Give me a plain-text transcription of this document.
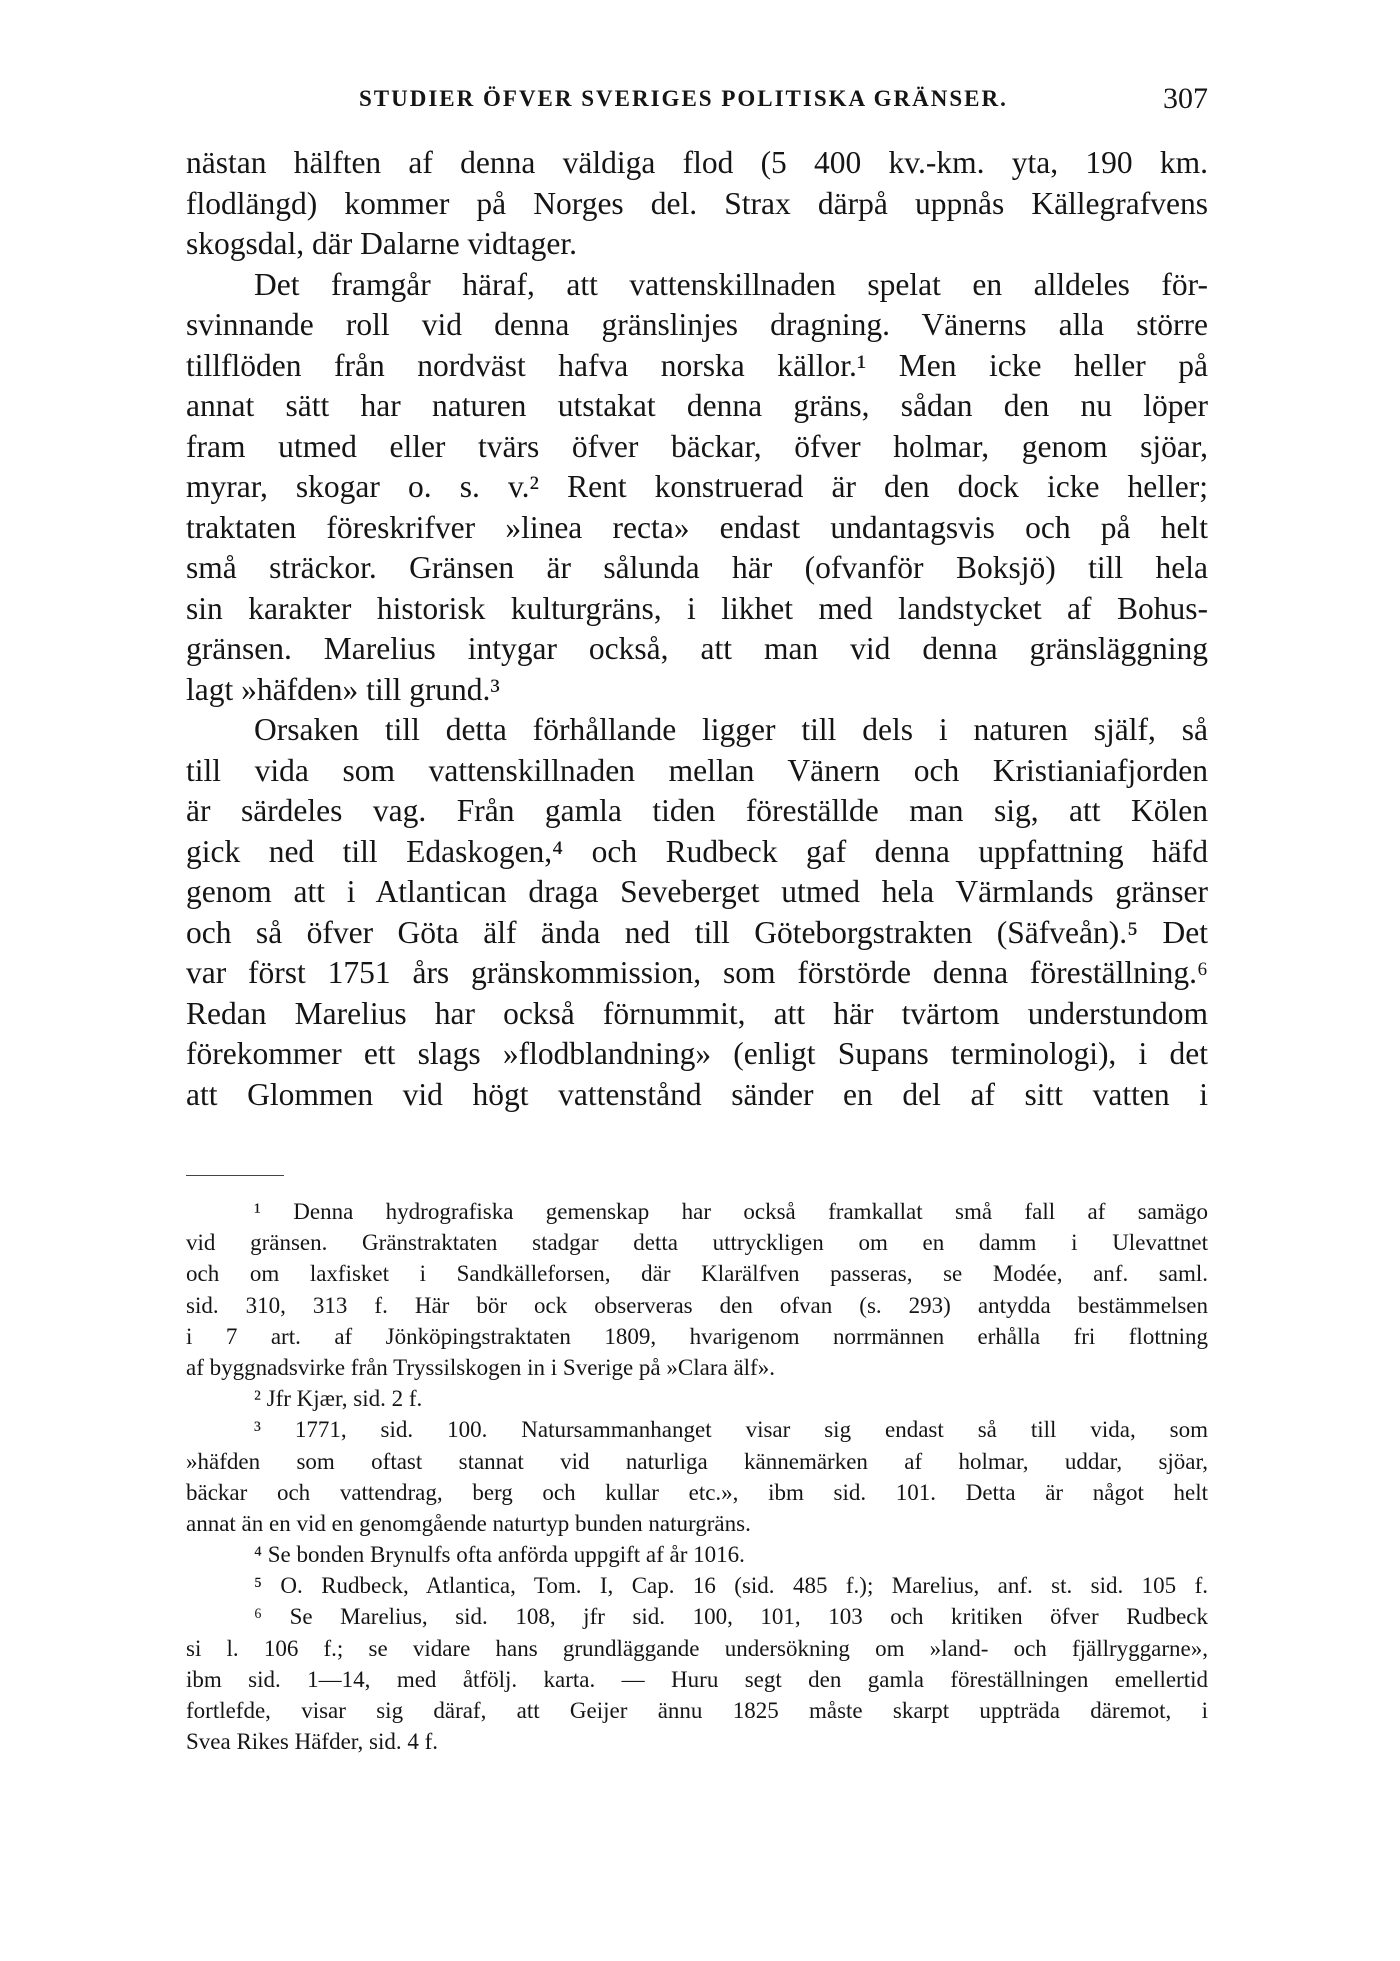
STUDIER ÖFVER SVERIGES POLITISKA GRÄNSER.	307
nästan hälften af denna väldiga flod (5 400 kv.-km. yta, 190 km.
flodlängd) kommer på Norges del. Strax därpå uppnås Källegrafvens
skogsdal, där Dalarne vidtager.
Det framgår häraf, att vattenskillnaden spelat en alldeles för-
svinnande roll vid denna gränslinjes dragning. Vänerns alla större
tillflöden från nordväst hafva norska källor.¹ Men icke heller på
annat sätt har naturen utstakat denna gräns, sådan den nu löper
fram utmed eller tvärs öfver bäckar, öfver holmar, genom sjöar,
myrar, skogar o. s. v.² Rent konstruerad är den dock icke heller;
traktaten föreskrifver »linea recta» endast undantagsvis och på helt
små sträckor. Gränsen är sålunda här (ofvanför Boksjö) till hela
sin karakter historisk kulturgräns, i likhet med landstycket af Bohus-
gränsen. Marelius intygar också, att man vid denna gränsläggning
lagt »häfden» till grund.³
Orsaken till detta förhållande ligger till dels i naturen själf, så
till vida som vattenskillnaden mellan Vänern och Kristianiafjorden
är särdeles vag. Från gamla tiden föreställde man sig, att Kölen
gick ned till Edaskogen,⁴ och Rudbeck gaf denna uppfattning häfd
genom att i Atlantican draga Seveberget utmed hela Värmlands gränser
och så öfver Göta älf ända ned till Göteborgstrakten (Säfveån).⁵ Det
var först 1751 års gränskommission, som förstörde denna föreställning.⁶
Redan Marelius har också förnummit, att här tvärtom understundom
förekommer ett slags »flodblandning» (enligt Supans terminologi), i det
att Glommen vid högt vattenstånd sänder en del af sitt vatten i
¹ Denna hydrografiska gemenskap har också framkallat små fall af samägo
vid gränsen. Gränstraktaten stadgar detta uttryckligen om en damm i Ulevattnet
och om laxfisket i Sandkälleforsen, där Klarälfven passeras, se Modée, anf. saml.
sid. 310, 313 f. Här bör ock observeras den ofvan (s. 293) antydda bestämmelsen
i 7 art. af Jönköpingstraktaten 1809, hvarigenom norrmännen erhålla fri flottning
af byggnadsvirke från Tryssilskogen in i Sverige på »Clara älf».
² Jfr Kjær, sid. 2 f.
³ 1771, sid. 100. Natursammanhanget visar sig endast så till vida, som
»häfden som oftast stannat vid naturliga kännemärken af holmar, uddar, sjöar,
bäckar och vattendrag, berg och kullar etc.», ibm sid. 101. Detta är något helt
annat än en vid en genomgående naturtyp bunden naturgräns.
⁴ Se bonden Brynulfs ofta anförda uppgift af år 1016.
⁵ O. Rudbeck, Atlantica, Tom. I, Cap. 16 (sid. 485 f.); Marelius, anf. st. sid. 105 f.
⁶ Se Marelius, sid. 108, jfr sid. 100, 101, 103 och kritiken öfver Rudbeck
si l. 106 f.; se vidare hans grundläggande undersökning om »land- och fjällryggarne»,
ibm sid. 1—14, med åtfölj. karta. — Huru segt den gamla föreställningen emellertid
fortlefde, visar sig däraf, att Geijer ännu 1825 måste skarpt uppträda däremot, i
Svea Rikes Häfder, sid. 4 f.
